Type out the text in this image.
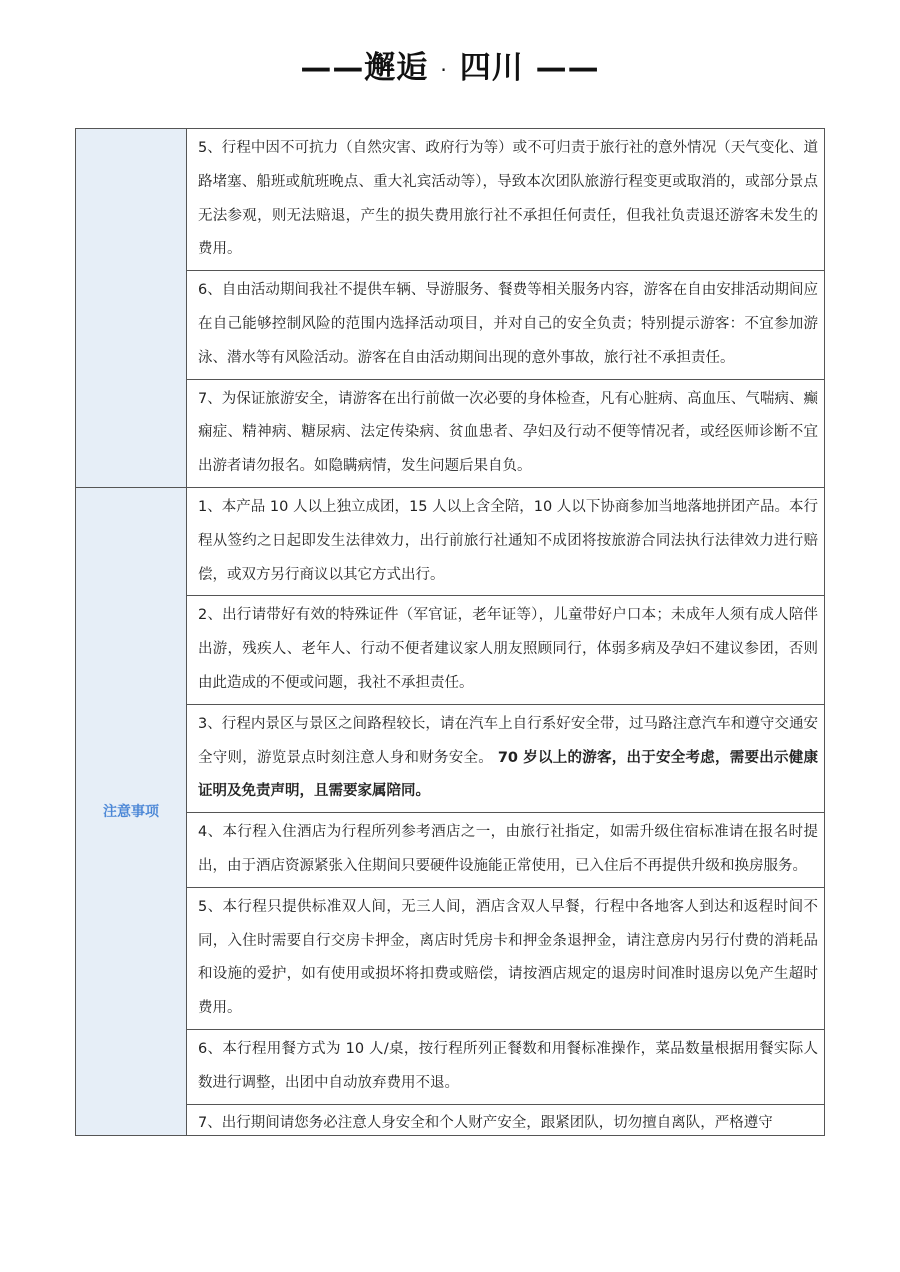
——邂逅 · 四川 ——

	5、行程中因不可抗力（自然灾害、政府行为等）或不可归责于旅行社的意外情况（天气变化、道路堵塞、船班或航班晚点、重大礼宾活动等），导致本次团队旅游行程变更或取消的，或部分景点无法参观，则无法赔退，产生的损失费用旅行社不承担任何责任，但我社负责退还游客未发生的费用。

	6、自由活动期间我社不提供车辆、导游服务、餐费等相关服务内容，游客在自由安排活动期间应在自己能够控制风险的范围内选择活动项目，并对自己的安全负责；特别提示游客：不宜参加游泳、潜水等有风险活动。游客在自由活动期间出现的意外事故，旅行社不承担责任。

	7、为保证旅游安全，请游客在出行前做一次必要的身体检查，凡有心脏病、高血压、气喘病、癫痫症、精神病、糖尿病、法定传染病、贫血患者、孕妇及行动不便等情况者，或经医师诊断不宜出游者请勿报名。如隐瞒病情，发生问题后果自负。

注意事项	1、本产品 10 人以上独立成团，15 人以上含全陪，10 人以下协商参加当地落地拼团产品。本行程从签约之日起即发生法律效力，出行前旅行社通知不成团将按旅游合同法执行法律效力进行赔偿，或双方另行商议以其它方式出行。

	2、出行请带好有效的特殊证件（军官证，老年证等），儿童带好户口本；未成年人须有成人陪伴出游，残疾人、老年人、行动不便者建议家人朋友照顾同行，体弱多病及孕妇不建议参团，否则由此造成的不便或问题，我社不承担责任。

	3、行程内景区与景区之间路程较长，请在汽车上自行系好安全带，过马路注意汽车和遵守交通安全守则，游览景点时刻注意人身和财务安全。 70 岁以上的游客，出于安全考虑，需要出示健康证明及免责声明，且需要家属陪同。

	4、本行程入住酒店为行程所列参考酒店之一，由旅行社指定，如需升级住宿标准请在报名时提出，由于酒店资源紧张入住期间只要硬件设施能正常使用，已入住后不再提供升级和换房服务。

	5、本行程只提供标准双人间，无三人间，酒店含双人早餐，行程中各地客人到达和返程时间不同，入住时需要自行交房卡押金，离店时凭房卡和押金条退押金，请注意房内另行付费的消耗品和设施的爱护，如有使用或损坏将扣费或赔偿，请按酒店规定的退房时间准时退房以免产生超时费用。

	6、本行程用餐方式为 10 人/桌，按行程所列正餐数和用餐标准操作，菜品数量根据用餐实际人数进行调整，出团中自动放弃费用不退。

	7、出行期间请您务必注意人身安全和个人财产安全，跟紧团队，切勿擅自离队，严格遵守
